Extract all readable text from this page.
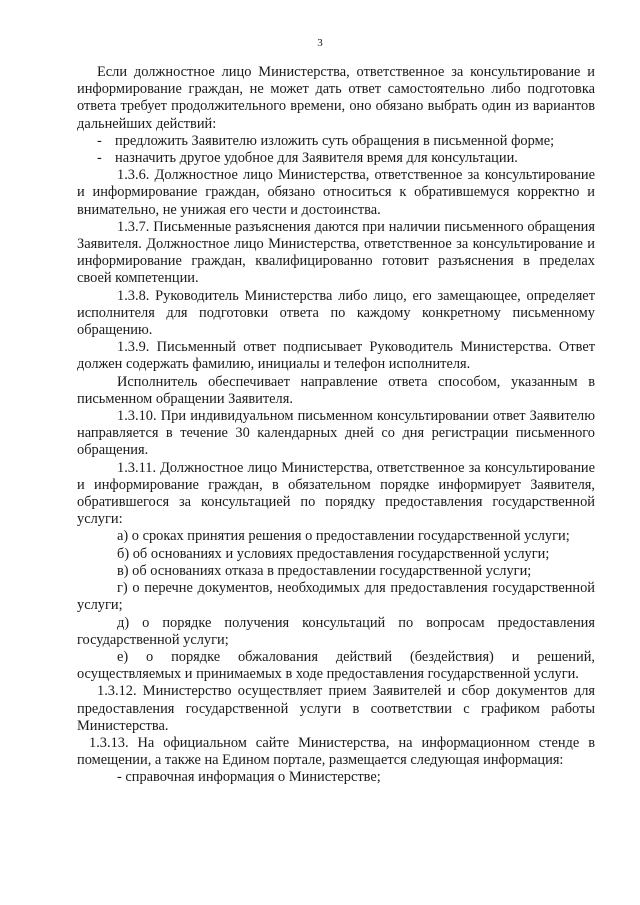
3

Если должностное лицо Министерства, ответственное за консультирование и информирование граждан, не может дать ответ самостоятельно либо подготовка ответа требует продолжительного времени, оно обязано выбрать один из вариантов дальнейших действий:

- предложить Заявителю изложить суть обращения в письменной форме;
- назначить другое удобное для Заявителя время для консультации.

1.3.6. Должностное лицо Министерства, ответственное за консультирование и информирование граждан, обязано относиться к обратившемуся корректно и внимательно, не унижая его чести и достоинства.

1.3.7. Письменные разъяснения даются при наличии письменного обращения Заявителя. Должностное лицо Министерства, ответственное за консультирование и информирование граждан, квалифицированно готовит разъяснения в пределах своей компетенции.

1.3.8. Руководитель Министерства либо лицо, его замещающее, определяет исполнителя для подготовки ответа по каждому конкретному письменному обращению.

1.3.9. Письменный ответ подписывает Руководитель Министерства. Ответ должен содержать фамилию, инициалы и телефон исполнителя.

Исполнитель обеспечивает направление ответа способом, указанным в письменном обращении Заявителя.

1.3.10. При индивидуальном письменном консультировании ответ Заявителю направляется в течение 30 календарных дней со дня регистрации письменного обращения.

1.3.11. Должностное лицо Министерства, ответственное за консультирование и информирование граждан, в обязательном порядке информирует Заявителя, обратившегося за консультацией по порядку предоставления государственной услуги:

а) о сроках принятия решения о предоставлении государственной услуги;

б) об основаниях и условиях предоставления государственной услуги;

в) об основаниях отказа в предоставлении государственной услуги;

г) о перечне документов, необходимых для предоставления государственной услуги;

д) о порядке получения консультаций по вопросам предоставления государственной услуги;

е) о порядке обжалования действий (бездействия) и решений, осуществляемых и принимаемых в ходе предоставления государственной услуги.

1.3.12. Министерство осуществляет прием Заявителей и сбор документов для предоставления государственной услуги в соответствии с графиком работы Министерства.

1.3.13. На официальном сайте Министерства, на информационном стенде в помещении, а также на Едином портале, размещается следующая информация:

- справочная информация о Министерстве;
